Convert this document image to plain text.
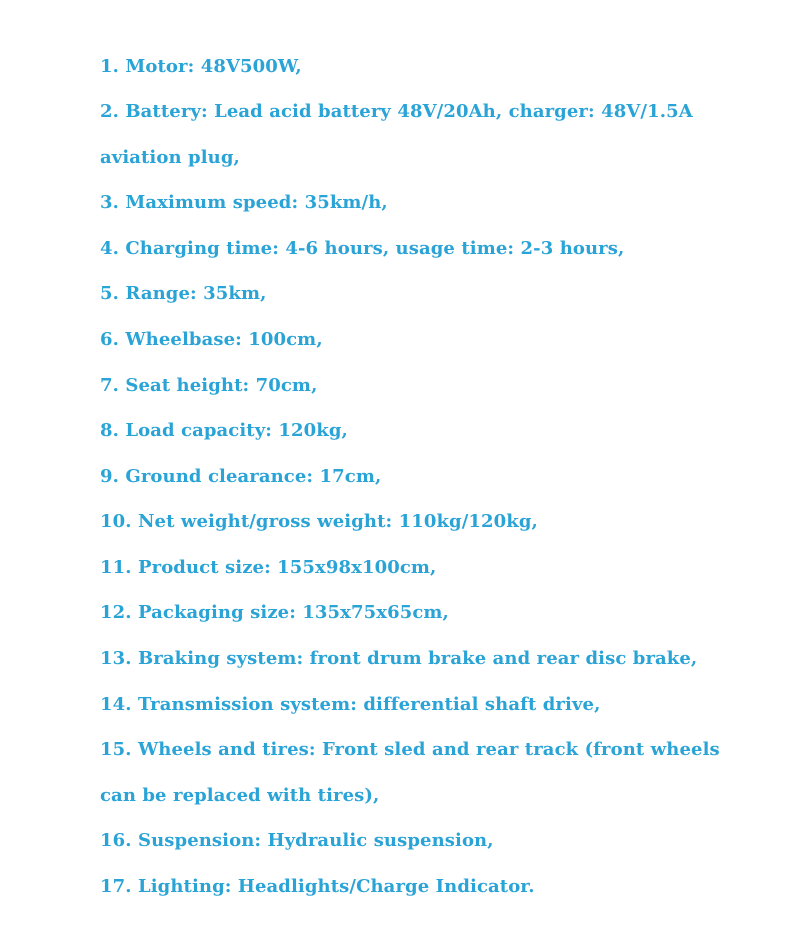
1. Motor: 48V500W,
2. Battery: Lead acid battery 48V/20Ah, charger: 48V/1.5A
aviation plug,
3. Maximum speed: 35km/h,
4. Charging time: 4-6 hours, usage time: 2-3 hours,
5. Range: 35km,
6. Wheelbase: 100cm,
7. Seat height: 70cm,
8. Load capacity: 120kg,
9. Ground clearance: 17cm,
10. Net weight/gross weight: 110kg/120kg,
11. Product size: 155x98x100cm,
12. Packaging size: 135x75x65cm,
13. Braking system: front drum brake and rear disc brake,
14. Transmission system: differential shaft drive,
15. Wheels and tires: Front sled and rear track (front wheels
can be replaced with tires),
16. Suspension: Hydraulic suspension,
17. Lighting: Headlights/Charge Indicator.
